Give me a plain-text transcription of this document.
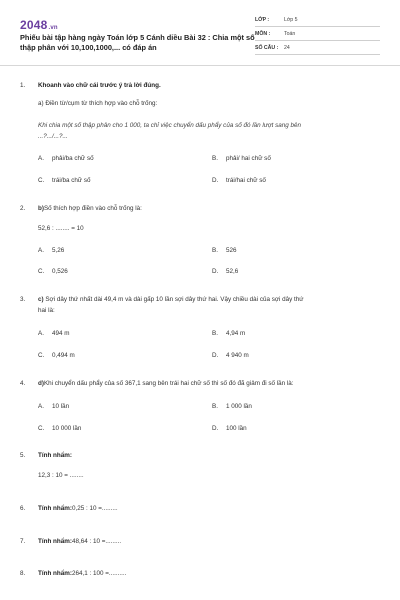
2048.vn
Phiếu bài tập hàng ngày Toán lớp 5 Cánh diều Bài 32 : Chia một số thập phân với 10,100,1000,... có đáp án
LỚP :	Lớp 5
MÔN :	Toán
SỐ CÂU : 24
1. Khoanh vào chữ cái trước ý trả lời đúng.
a) Điền từ/cụm từ thích hợp vào chỗ trống:
Khi chia một số thập phân cho 1 000, ta chỉ việc chuyển dấu phẩy của số đó lần lượt sang bên
...?.../...?...
A. phải/ba chữ số	B. phải/ hai chữ số
C. trái/ba chữ số	D. trái/hai chữ số
2. b)Số thích hợp điền vào chỗ trống là:
52,6 : ........ = 10
A. 5,26	B. 526
C. 0,526	D. 52,6
3. c) Sợi dây thứ nhất dài 49,4 m và dài gấp 10 lần sợi dây thứ hai. Vậy chiều dài của sợi dây thứ
hai là:
A. 494 m	B. 4,94 m
C. 0,494 m	D. 4 940 m
4. d)Khi chuyển dấu phẩy của số 367,1 sang bên trái hai chữ số thì số đó đã giảm đi số lần là:
A. 10 lần	B. 1 000 lần
C. 10 000 lần	D. 100 lần
5. Tính nhẩm:
12,3 : 10 = ........
6. Tính nhẩm:0,25 : 10 =.........
7. Tính nhẩm:48,64 : 10 =.........
8. Tính nhẩm:264,1 : 100 =..........
